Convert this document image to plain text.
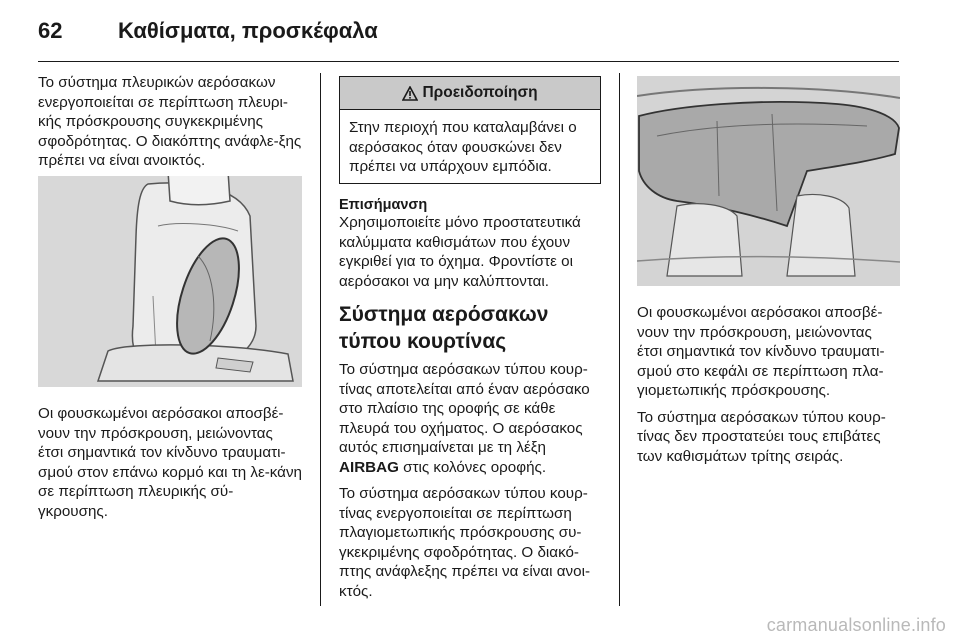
62	Καθίσματα, προσκέφαλα

Το σύστημα πλευρικών αερόσακων ενεργοποιείται σε περίπτωση πλευρι-κής πρόσκρουσης συγκεκριμένης σφοδρότητας. Ο διακόπτης ανάφλε-ξης πρέπει να είναι ανοικτός.

Οι φουσκωμένοι αερόσακοι αποσβέ-νουν την πρόσκρουση, μειώνοντας έτσι σημαντικά τον κίνδυνο τραυματι-σμού στον επάνω κορμό και τη λε-κάνη σε περίπτωση πλευρικής σύ-γκρουσης.

Προειδοποίηση

Στην περιοχή που καταλαμβάνει ο αερόσακος όταν φουσκώνει δεν πρέπει να υπάρχουν εμπόδια.

Επισήμανση

Χρησιμοποιείτε μόνο προστατευτικά καλύμματα καθισμάτων που έχουν εγκριθεί για το όχημα. Φροντίστε οι αερόσακοι να μην καλύπτονται.

Σύστημα αερόσακων τύπου κουρτίνας

Το σύστημα αερόσακων τύπου κουρ-τίνας αποτελείται από έναν αερόσακο στο πλαίσιο της οροφής σε κάθε πλευρά του οχήματος. Ο αερόσακος αυτός επισημαίνεται με τη λέξη AIRBAG στις κολόνες οροφής.

Το σύστημα αερόσακων τύπου κουρ-τίνας ενεργοποιείται σε περίπτωση πλαγιομετωπικής πρόσκρουσης συ-γκεκριμένης σφοδρότητας. Ο διακό-πτης ανάφλεξης πρέπει να είναι ανοι-κτός.

Οι φουσκωμένοι αερόσακοι αποσβέ-νουν την πρόσκρουση, μειώνοντας έτσι σημαντικά τον κίνδυνο τραυματι-σμού στο κεφάλι σε περίπτωση πλα-γιομετωπικής πρόσκρουσης.

Το σύστημα αερόσακων τύπου κουρ-τίνας δεν προστατεύει τους επιβάτες των καθισμάτων τρίτης σειράς.

carmanualsonline.info
